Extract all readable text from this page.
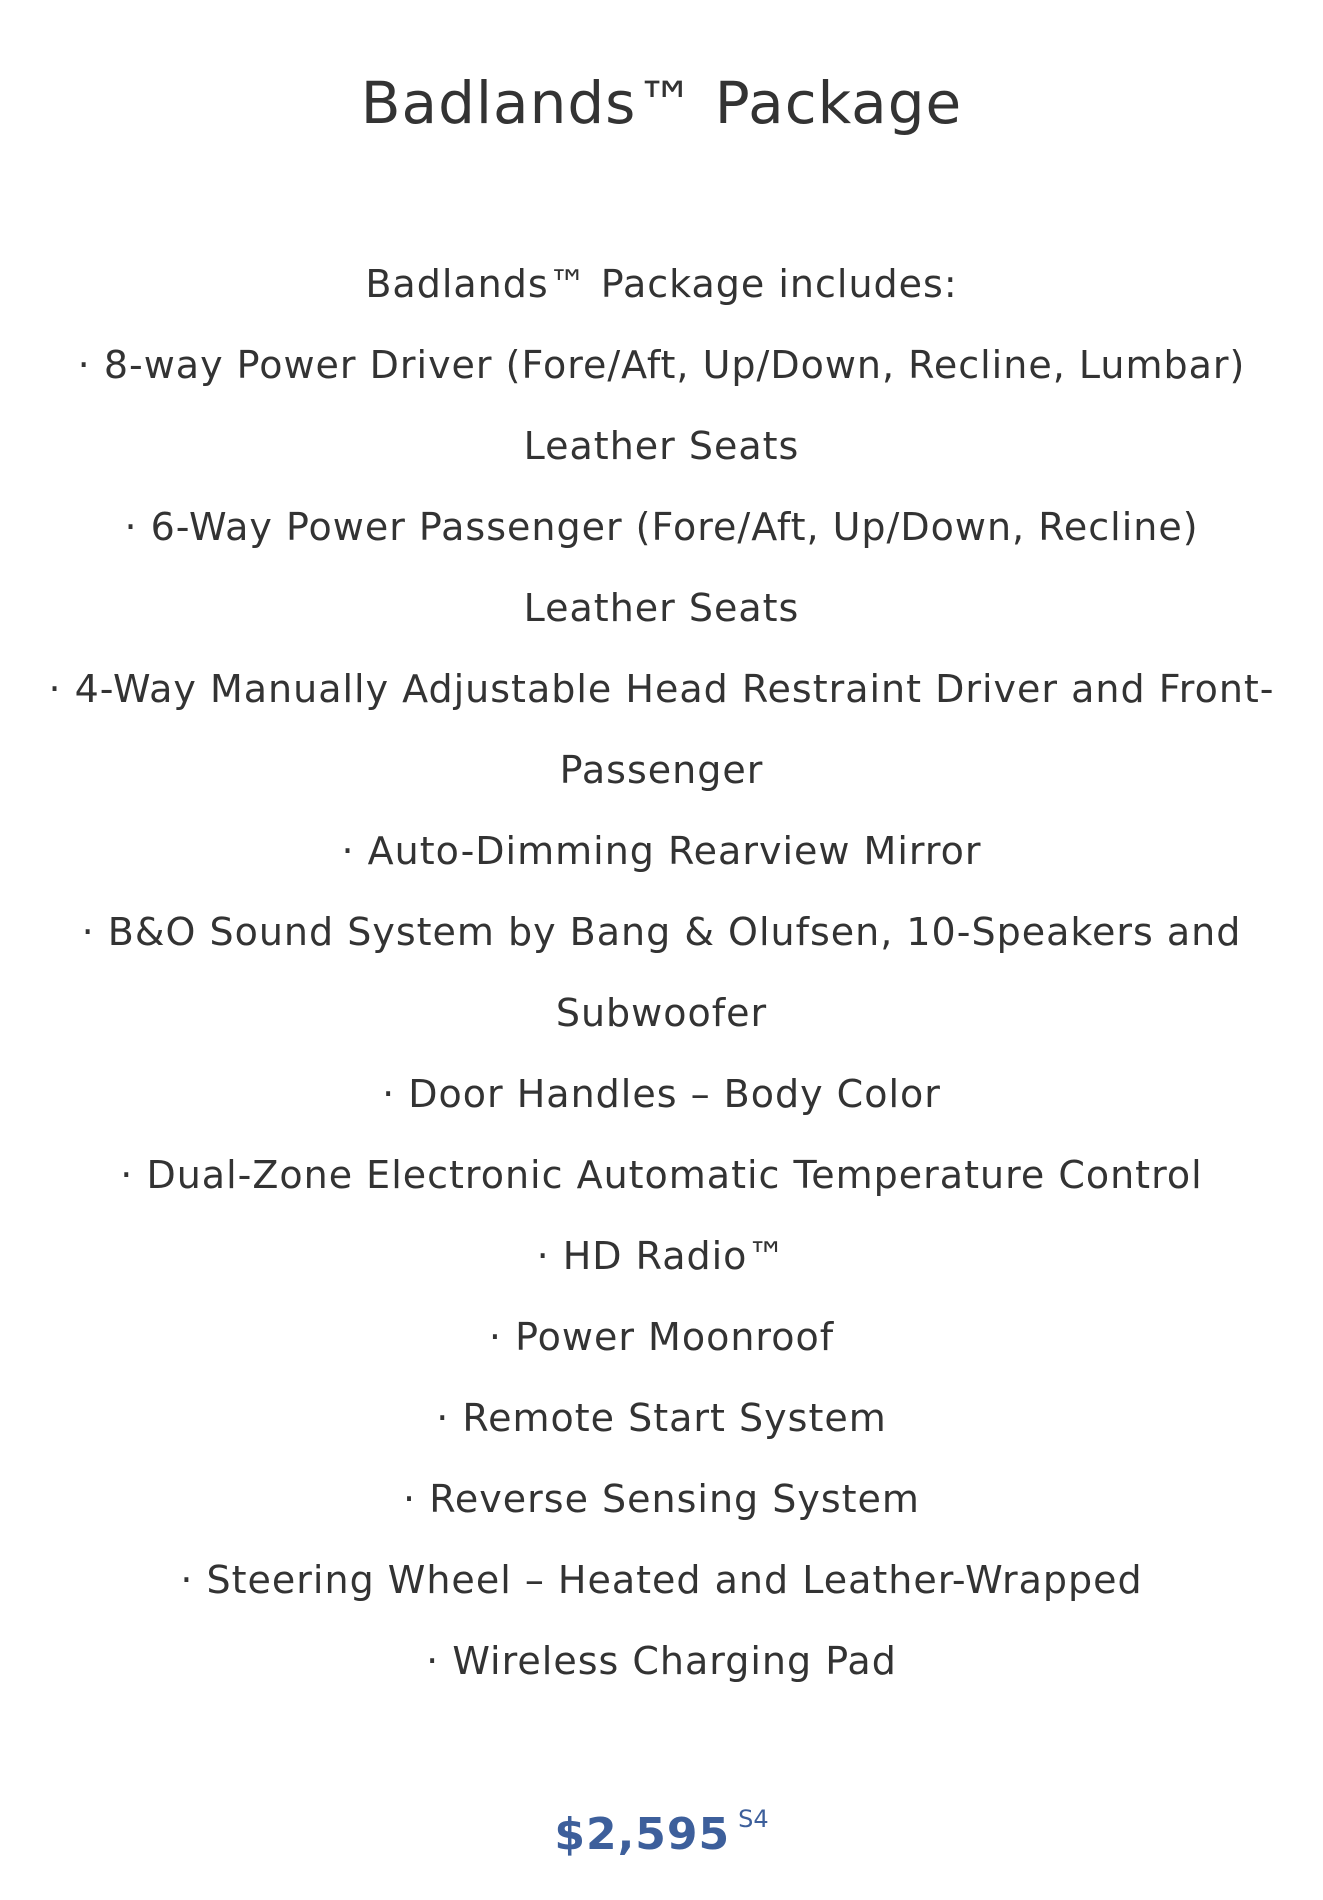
Badlands™ Package
Badlands™ Package includes:
· 8-way Power Driver (Fore/Aft, Up/Down, Recline, Lumbar)
Leather Seats
· 6-Way Power Passenger (Fore/Aft, Up/Down, Recline)
Leather Seats
· 4-Way Manually Adjustable Head Restraint Driver and Front-
Passenger
· Auto-Dimming Rearview Mirror
· B&O Sound System by Bang & Olufsen, 10-Speakers and
Subwoofer
· Door Handles – Body Color
· Dual-Zone Electronic Automatic Temperature Control
· HD Radio™
· Power Moonroof
· Remote Start System
· Reverse Sensing System
· Steering Wheel – Heated and Leather-Wrapped
· Wireless Charging Pad
$2,595 $^{S4}$
